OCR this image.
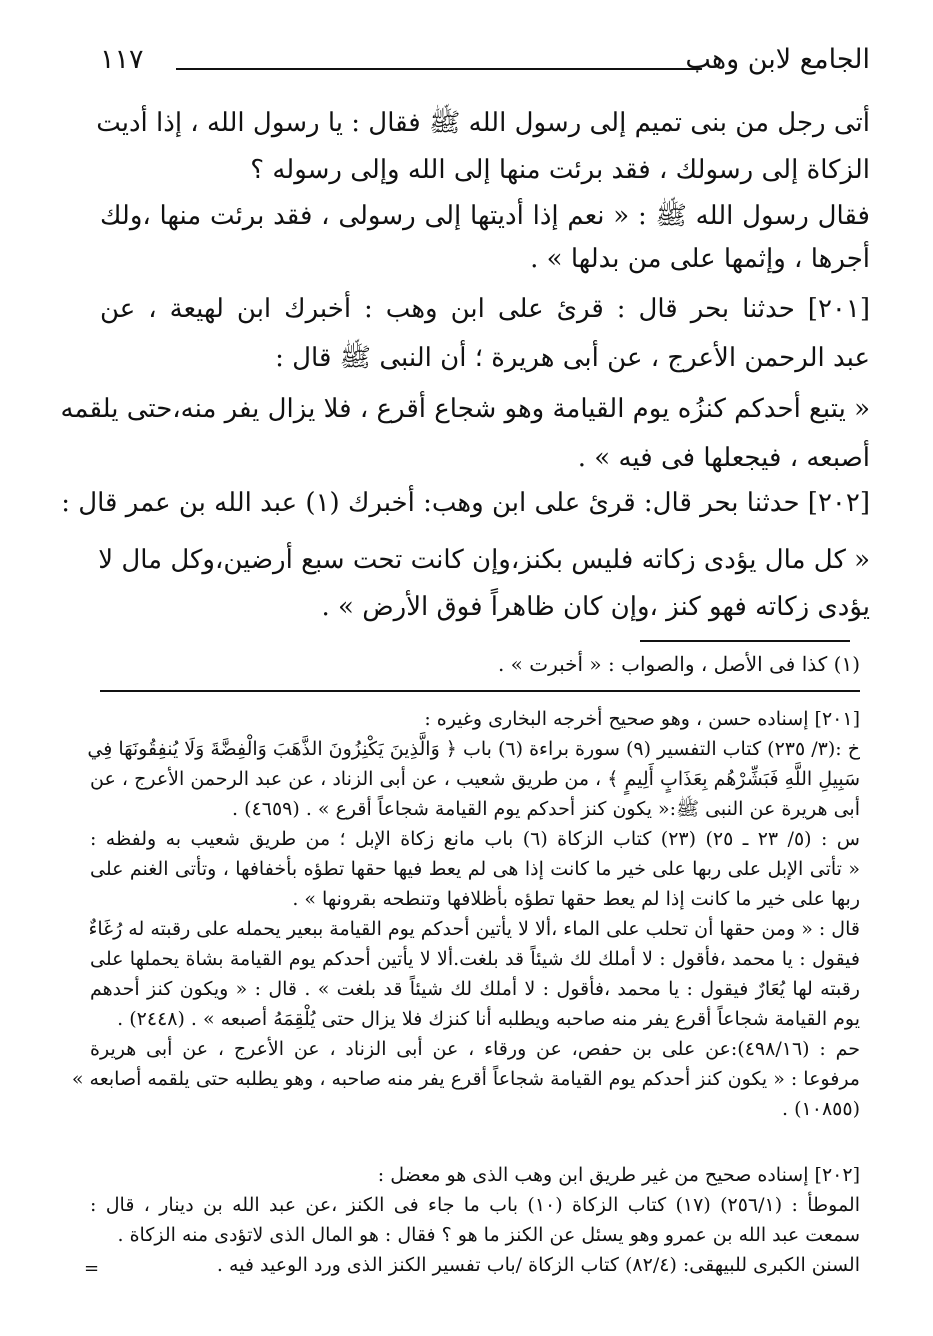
الجامع لابن وهب
١١٧
أتى رجل من بنى تميم إلى رسول الله ﷺ فقال : يا رسول الله ، إذا أديت
الزكاة إلى رسولك ، فقد برئت منها إلى الله وإلى رسوله ؟
فقال رسول الله ﷺ : « نعم إذا أديتها إلى رسولى ، فقد برئت منها ،ولك
أجرها ، وإثمها على من بدلها » .
[٢٠١] حدثنا بحر قال : قرئ على ابن وهب : أخبرك ابن لهيعة ، عن
عبد الرحمن الأعرج ، عن أبى هريرة ؛ أن النبى ﷺ قال :
« يتبع أحدكم كنزُه يوم القيامة وهو شجاع أقرع ، فلا يزال يفر منه،حتى يلقمه
أصبعه ، فيجعلها فى فيه » .
[٢٠٢] حدثنا بحر قال: قرئ على ابن وهب: أخبرك (١) عبد الله بن عمر قال :
« كل مال يؤدى زكاته فليس بكنز،وإن كانت تحت سبع أرضين،وكل مال لا
يؤدى زكاته فهو كنز ،وإن كان ظاهراً فوق الأرض » .
(١) كذا فى الأصل ، والصواب : « أخبرت » .
[٢٠١] إسناده حسن ، وهو صحيح أخرجه البخارى وغيره :
خ :(٣/ ٢٣٥) كتاب التفسير (٩) سورة براءة (٦) باب ﴿ وَالَّذِينَ يَكْنِزُونَ الذَّهَبَ وَالْفِضَّةَ وَلَا يُنفِقُونَهَا فِي
سَبِيلِ اللَّهِ فَبَشِّرْهُم بِعَذَابٍ أَلِيمٍ ﴾ ، من طريق شعيب ، عن أبى الزناد ، عن عبد الرحمن الأعرج ، عن
أبى هريرة عن النبى ﷺ:« يكون كنز أحدكم يوم القيامة شجاعاً أقرع » . (٤٦٥٩) .
س : (٥/ ٢٣ ـ ٢٥) (٢٣) كتاب الزكاة (٦) باب مانع زكاة الإبل ؛ من طريق شعيب به ولفظه :
« تأتى الإبل على ربها على خير ما كانت إذا هى لم يعط فيها حقها تطؤه بأخفافها ، وتأتى الغنم على
ربها على خير ما كانت إذا لم يعط حقها تطؤه بأظلافها وتنطحه بقرونها » .
قال : « ومن حقها أن تحلب على الماء ،ألا لا يأتين أحدكم يوم القيامة ببعير يحمله على رقبته له رُغَاءٌ
فيقول : يا محمد ،فأقول : لا أملك لك شيئاً قد بلغت.ألا لا يأتين أحدكم يوم القيامة بشاة يحملها على
رقبته لها يُعَارٌ فيقول : يا محمد ،فأقول : لا أملك لك شيئاً قد بلغت » . قال : « ويكون كنز أحدهم
يوم القيامة شجاعاً أقرع يفر منه صاحبه ويطلبه أنا كنزك فلا يزال حتى يُلْقِمَهُ أصبعه » . (٢٤٤٨) .
حم : (٤٩٨/١٦):عن على بن حفص، عن ورقاء ، عن أبى الزناد ، عن الأعرج ، عن أبى هريرة
مرفوعا : « يكون كنز أحدكم يوم القيامة شجاعاً أقرع يفر منه صاحبه ، وهو يطلبه حتى يلقمه أصابعه »
(١٠٨٥٥) .
[٢٠٢] إسناده صحيح من غير طريق ابن وهب الذى هو معضل :
الموطأ : (٢٥٦/١) (١٧) كتاب الزكاة (١٠) باب ما جاء فى الكنز ،عن عبد الله بن دينار ، قال :
سمعت عبد الله بن عمرو وهو يسئل عن الكنز ما هو ؟ فقال : هو المال الذى لاتؤدى منه الزكاة .
السنن الكبرى للبيهقى: (٨٢/٤) كتاب الزكاة /باب تفسير الكنز الذى ورد الوعيد فيه .
=
